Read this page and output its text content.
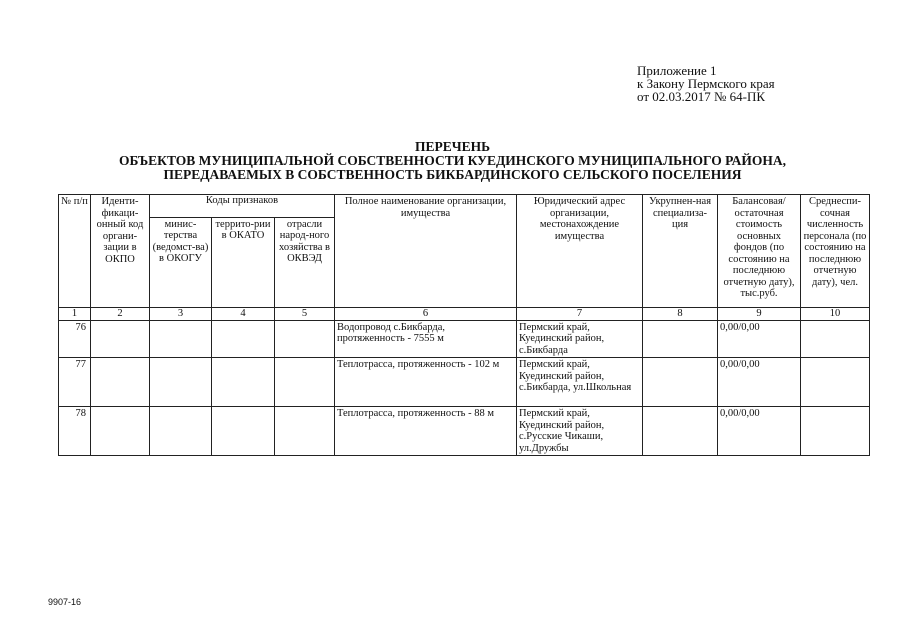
Приложение 1
к Закону Пермского края
от 02.03.2017 № 64-ПК
ПЕРЕЧЕНЬ
ОБЪЕКТОВ МУНИЦИПАЛЬНОЙ СОБСТВЕННОСТИ КУЕДИНСКОГО МУНИЦИПАЛЬНОГО РАЙОНА,
ПЕРЕДАВАЕМЫХ В СОБСТВЕННОСТЬ БИКБАРДИНСКОГО СЕЛЬСКОГО ПОСЕЛЕНИЯ
№ п/п	Иденти-фикаци-онный код органи-зации в ОКПО	Коды признаков			Полное наименование организации, имущества	Юридический адрес организации, местонахождение имущества	Укрупнен-ная специализа-ция	Балансовая/ остаточная стоимость основных фондов (по состоянию на последнюю отчетную дату), тыс.руб.	Среднеспи-сочная численность персонала (по состоянию на последнюю отчетную дату), чел.
		минис-терства (ведомст-ва) в ОКОГУ	террито-рии в ОКАТО	отрасли народ-ного хозяйства в ОКВЭД					
1	2	3	4	5	6	7	8	9	10
76					Водопровод с.Бикбарда, протяженность - 7555 м	Пермский край, Куединский район, с.Бикбарда		0,00/0,00	
77					Теплотрасса, протяженность - 102 м	Пермский край, Куединский район, с.Бикбарда, ул.Школьная		0,00/0,00	
78					Теплотрасса, протяженность - 88 м	Пермский край, Куединский район, с.Русские Чикаши, ул.Дружбы		0,00/0,00	
9907-16
